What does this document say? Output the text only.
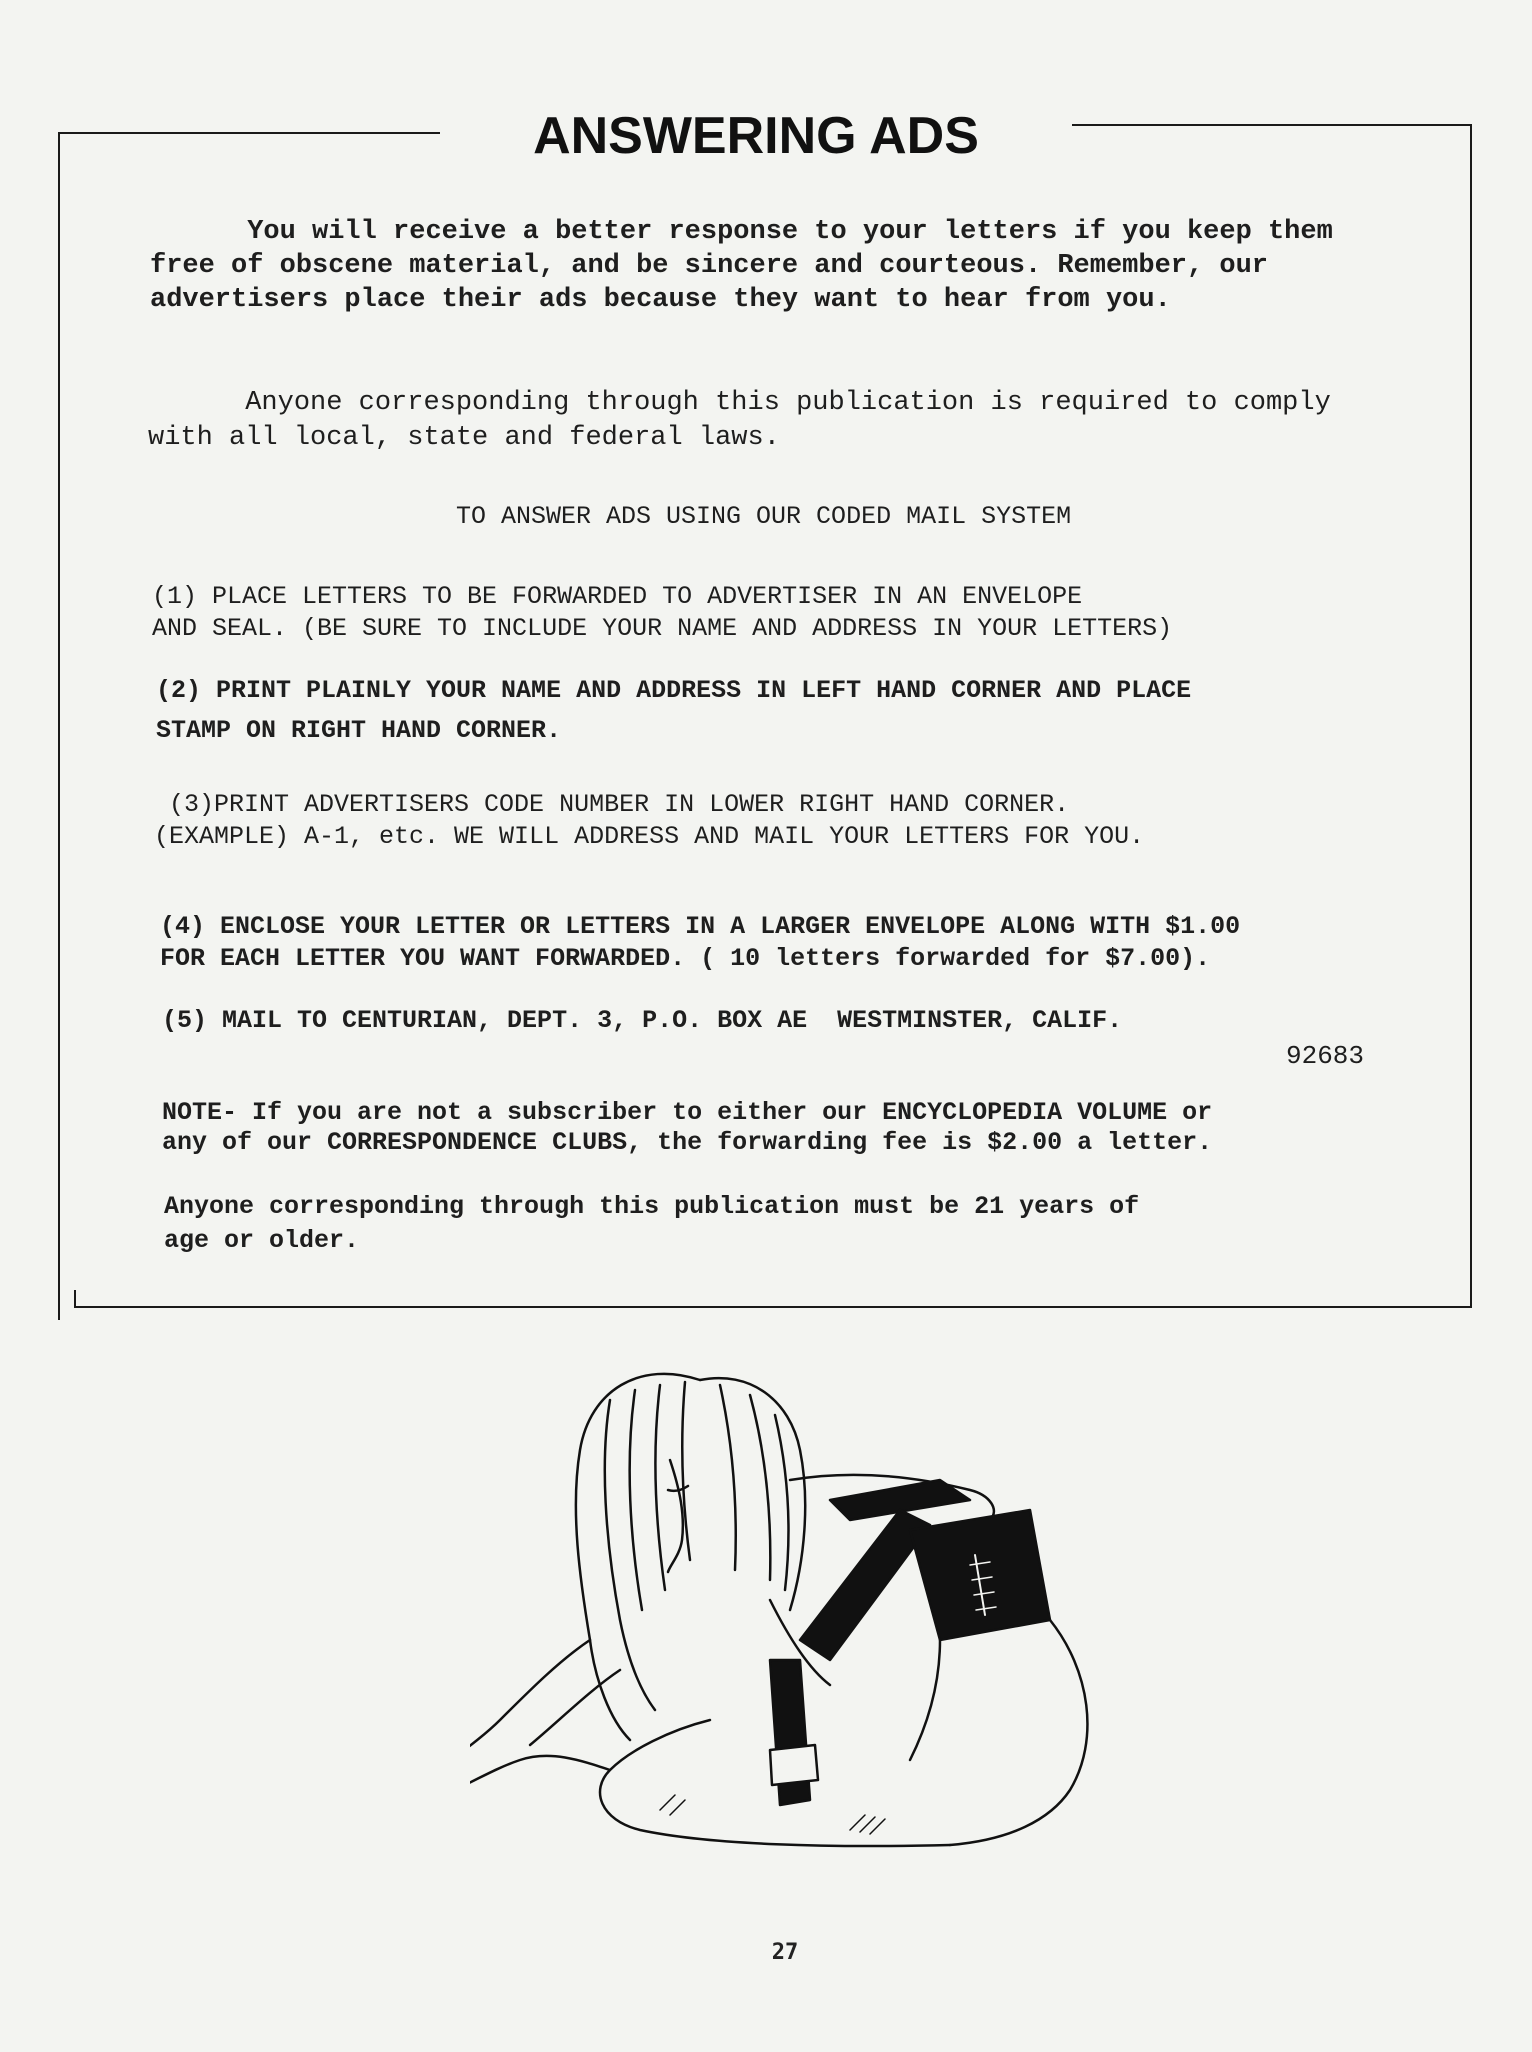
ANSWERING ADS
You will receive a better response to your letters if you keep them
free of obscene material, and be sincere and courteous. Remember, our
advertisers place their ads because they want to hear from you.
Anyone corresponding through this publication is required to comply
with all local, state and federal laws.
TO ANSWER ADS USING OUR CODED MAIL SYSTEM
(1) PLACE LETTERS TO BE FORWARDED TO ADVERTISER IN AN ENVELOPE
AND SEAL. (BE SURE TO INCLUDE YOUR NAME AND ADDRESS IN YOUR LETTERS)
(2) PRINT PLAINLY YOUR NAME AND ADDRESS IN LEFT HAND CORNER AND PLACE
STAMP ON RIGHT HAND CORNER.
(3)PRINT ADVERTISERS CODE NUMBER IN LOWER RIGHT HAND CORNER.
(EXAMPLE) A-1, etc. WE WILL ADDRESS AND MAIL YOUR LETTERS FOR YOU.
(4) ENCLOSE YOUR LETTER OR LETTERS IN A LARGER ENVELOPE ALONG WITH $1.00
FOR EACH LETTER YOU WANT FORWARDED. ( 10 letters forwarded for $7.00).
(5) MAIL TO CENTURIAN, DEPT. 3, P.O. BOX AE  WESTMINSTER, CALIF.
92683
NOTE- If you are not a subscriber to either our ENCYCLOPEDIA VOLUME or
any of our CORRESPONDENCE CLUBS, the forwarding fee is $2.00 a letter.
Anyone corresponding through this publication must be 21 years of
age or older.
27
